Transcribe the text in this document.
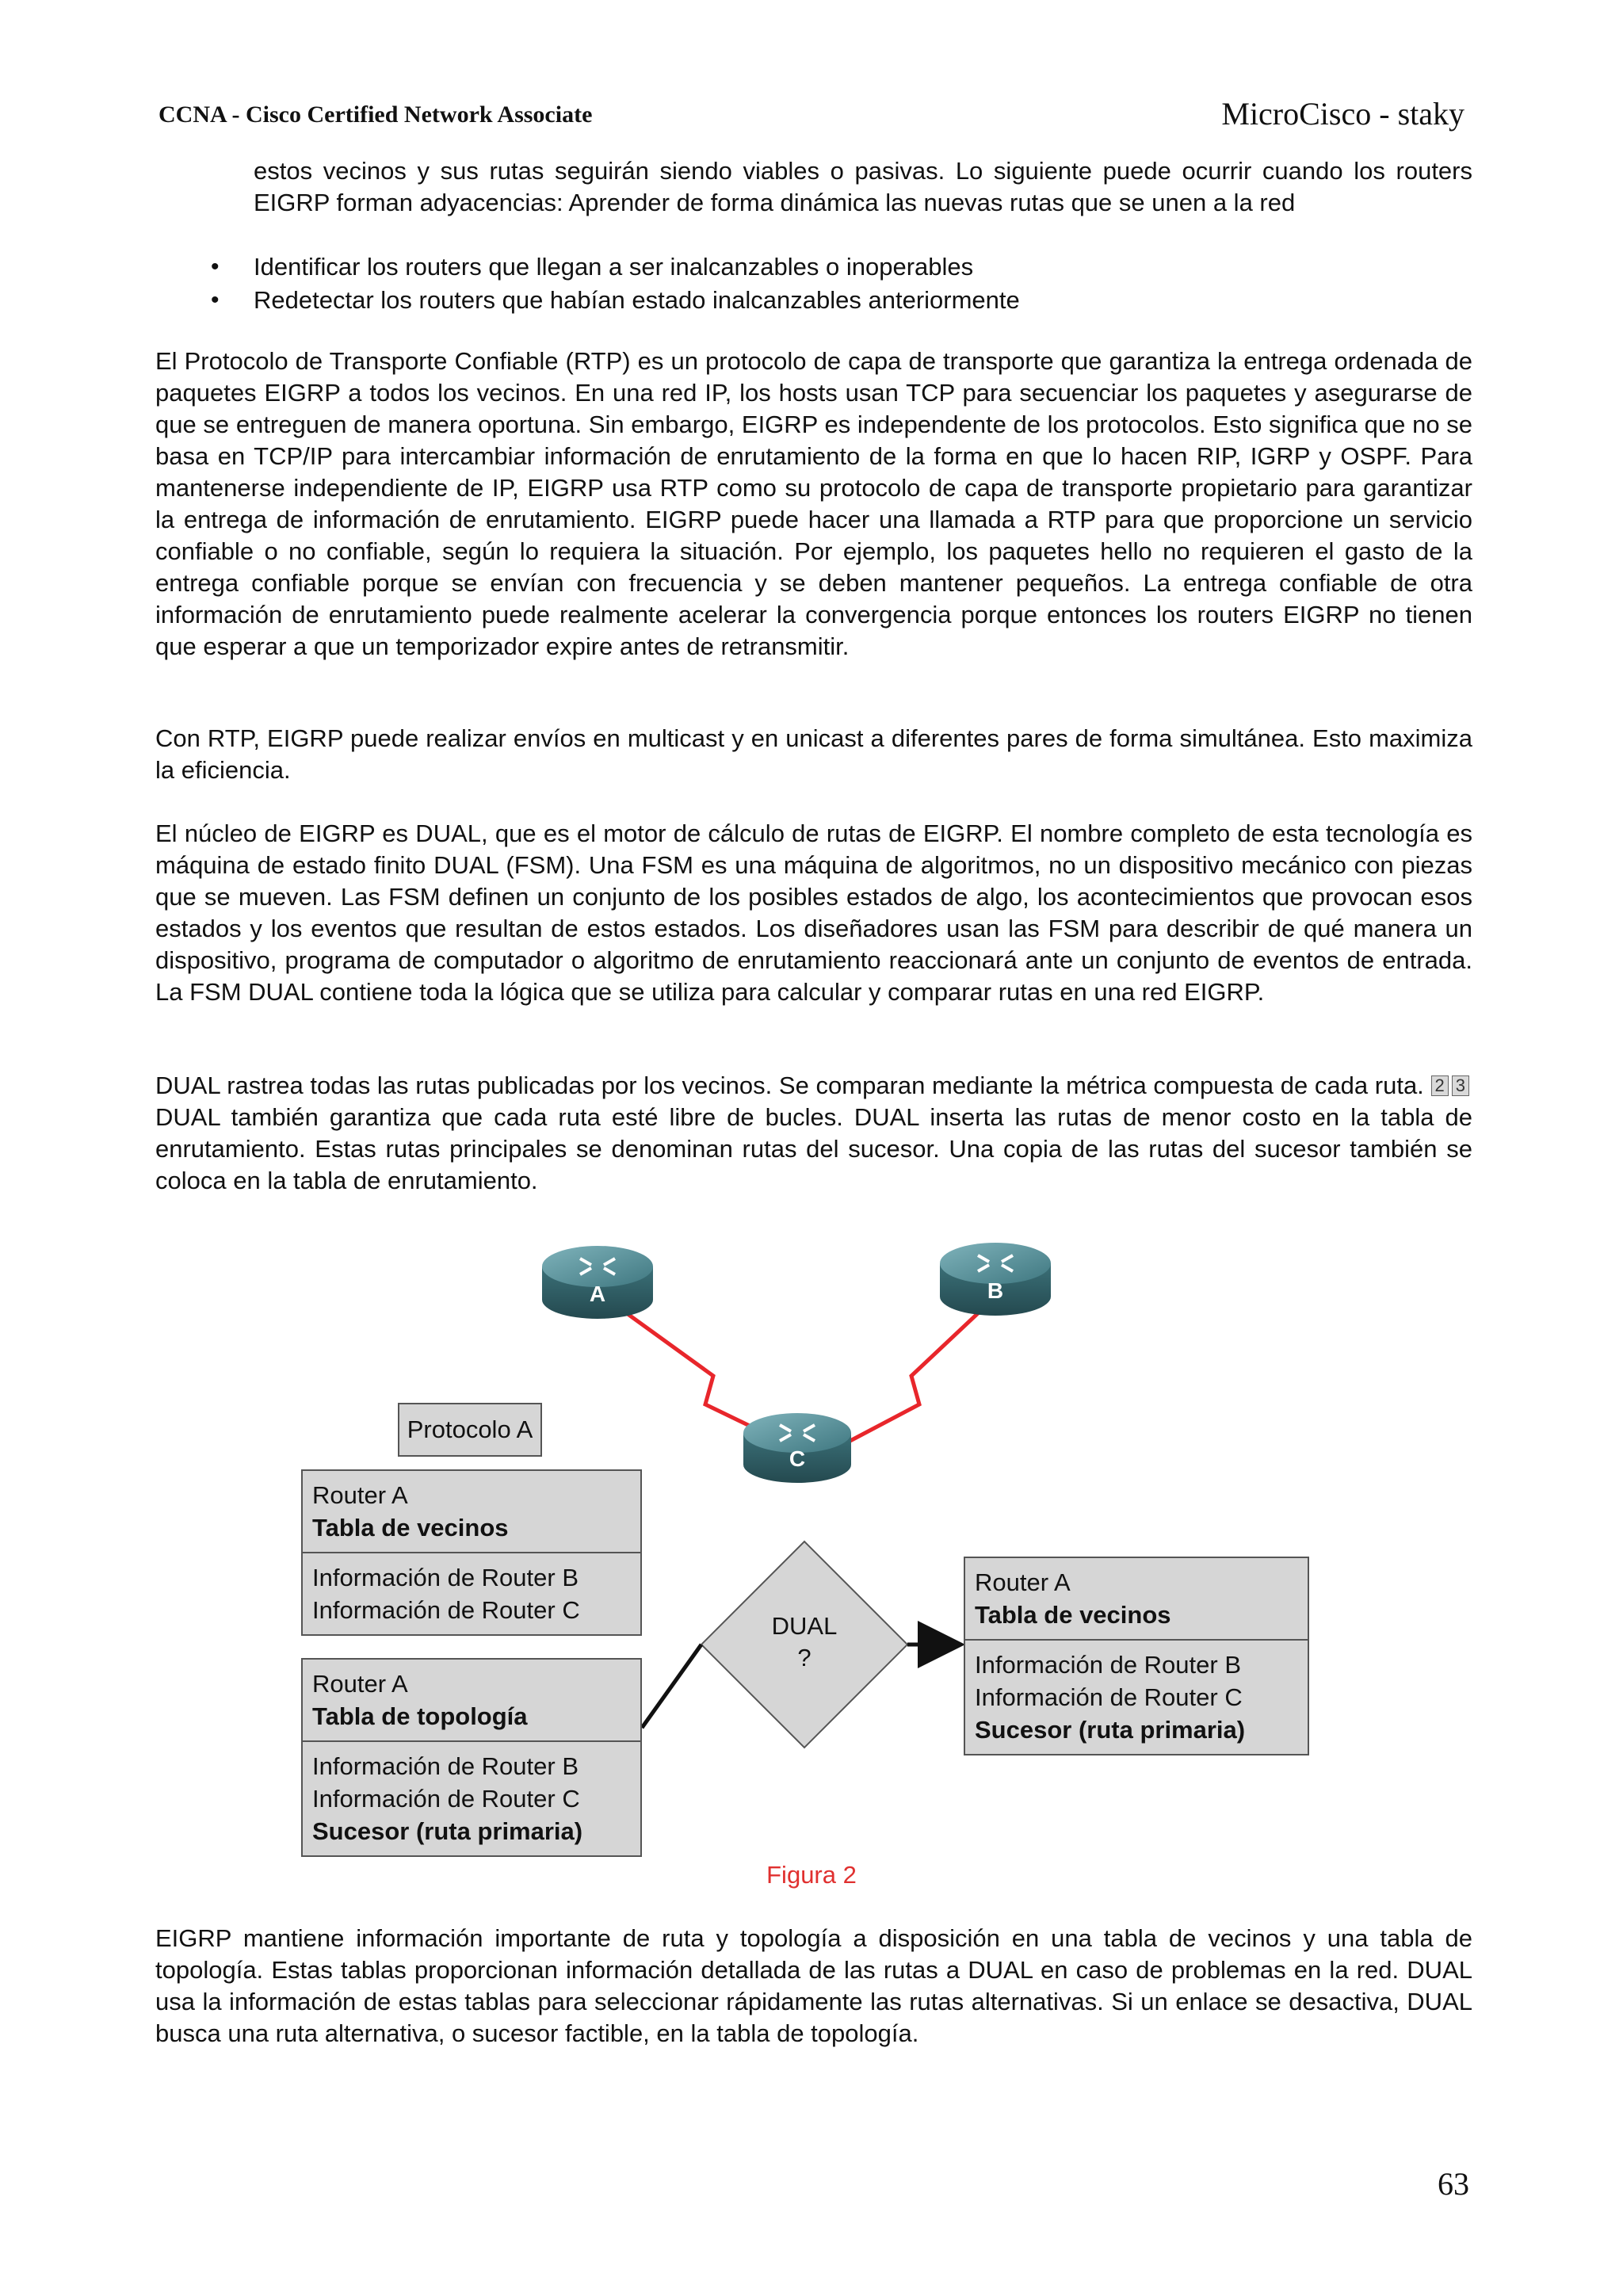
CCNA - Cisco Certified Network Associate	MicroCisco - staky

estos vecinos y sus rutas seguirán siendo viables o pasivas. Lo siguiente puede ocurrir cuando los routers EIGRP forman adyacencias: Aprender de forma dinámica las nuevas rutas que se unen a la red

• Identificar los routers que llegan a ser inalcanzables o inoperables
• Redetectar los routers que habían estado inalcanzables anteriormente

El Protocolo de Transporte Confiable (RTP) es un protocolo de capa de transporte que garantiza la entrega ordenada de paquetes EIGRP a todos los vecinos. En una red IP, los hosts usan TCP para secuenciar los paquetes y asegurarse de que se entreguen de manera oportuna. Sin embargo, EIGRP es independente de los protocolos. Esto significa que no se basa en TCP/IP para intercambiar información de enrutamiento de la forma en que lo hacen RIP, IGRP y OSPF. Para mantenerse independiente de IP, EIGRP usa RTP como su protocolo de capa de transporte propietario para garantizar la entrega de información de enrutamiento. EIGRP puede hacer una llamada a RTP para que proporcione un servicio confiable o no confiable, según lo requiera la situación. Por ejemplo, los paquetes hello no requieren el gasto de la entrega confiable porque se envían con frecuencia y se deben mantener pequeños. La entrega confiable de otra información de enrutamiento puede realmente acelerar la convergencia porque entonces los routers EIGRP no tienen que esperar a que un temporizador expire antes de retransmitir.

Con RTP, EIGRP puede realizar envíos en multicast y en unicast a diferentes pares de forma simultánea. Esto maximiza la eficiencia.

El núcleo de EIGRP es DUAL, que es el motor de cálculo de rutas de EIGRP. El nombre completo de esta tecnología es máquina de estado finito DUAL (FSM). Una FSM es una máquina de algoritmos, no un dispositivo mecánico con piezas que se mueven. Las FSM definen un conjunto de los posibles estados de algo, los acontecimientos que provocan esos estados y los eventos que resultan de estos estados. Los diseñadores usan las FSM para describir de qué manera un dispositivo, programa de computador o algoritmo de enrutamiento reaccionará ante un conjunto de eventos de entrada. La FSM DUAL contiene toda la lógica que se utiliza para calcular y comparar rutas en una red EIGRP.

DUAL rastrea todas las rutas publicadas por los vecinos. Se comparan mediante la métrica compuesta de cada ruta. 2 3 DUAL también garantiza que cada ruta esté libre de bucles. DUAL inserta las rutas de menor costo en la tabla de enrutamiento. Estas rutas principales se denominan rutas del sucesor. Una copia de las rutas del sucesor también se coloca en la tabla de enrutamiento.

A	B
C
DUAL
?
Protocolo A
Router A
Tabla de vecinos
Información de Router B
Información de Router C
Router A
Tabla de topología
Información de Router B
Información de Router C
Sucesor (ruta primaria)
Router A
Tabla de vecinos
Información de Router B
Información de Router C
Sucesor (ruta primaria)
Figura 2

EIGRP mantiene información importante de ruta y topología a disposición en una tabla de vecinos y una tabla de topología. Estas tablas proporcionan información detallada de las rutas a DUAL en caso de problemas en la red. DUAL usa la información de estas tablas para seleccionar rápidamente las rutas alternativas. Si un enlace se desactiva, DUAL busca una ruta alternativa, o sucesor factible, en la tabla de topología.

63
